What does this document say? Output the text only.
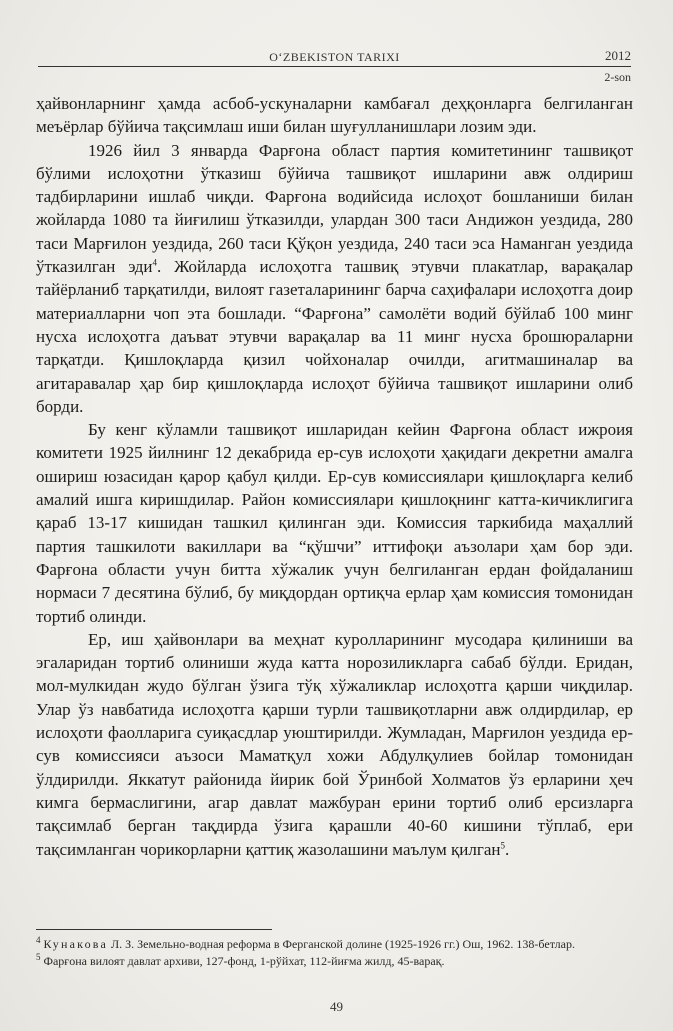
O‘ZBEKISTON TARIXI	2012
2-son

ҳайвонларнинг ҳамда асбоб-ускуналарни камбағал деҳқонларга белгиланган меъёрлар бўйича тақсимлаш иши билан шуғулланишлари лозим эди.

1926 йил 3 январда Фарғона област партия комитетининг ташвиқот бўлими ислоҳотни ўтказиш бўйича ташвиқот ишларини авж олдириш тадбирларини ишлаб чиқди. Фарғона водийсида ислоҳот бошланиши билан жойларда 1080 та йиғилиш ўтказилди, улардан 300 таси Андижон уездида, 280 таси Марғилон уездида, 260 таси Қўқон уездида, 240 таси эса Наманган уездида ўтказилган эди$^4$. Жойларда ислоҳотга ташвиқ этувчи плакатлар, варақалар тайёрланиб тарқатилди, вилоят газеталарининг барча саҳифалари ислоҳотга доир материалларни чоп эта бошлади. “Фарғона” самолёти водий бўйлаб 100 минг нусха ислоҳотга даъват этувчи варақалар ва 11 минг нусха брошюраларни тарқатди. Қишлоқларда қизил чойхоналар очилди, агитмашиналар ва агитаравалар ҳар бир қишлоқларда ислоҳот бўйича ташвиқот ишларини олиб борди.

Бу кенг кўламли ташвиқот ишларидан кейин Фарғона област ижроия комитети 1925 йилнинг 12 декабрида ер-сув ислоҳоти ҳақидаги декретни амалга ошириш юзасидан қарор қабул қилди. Ер-сув комиссиялари қишлоқларга келиб амалий ишга киришдилар. Район комиссиялари қишлоқнинг катта-кичиклигига қараб 13-17 кишидан ташкил қилинган эди. Комиссия таркибида маҳаллий партия ташкилоти вакиллари ва “қўшчи” иттифоқи аъзолари ҳам бор эди. Фарғона области учун битта хўжалик учун белгиланган ердан фойдаланиш нормаси 7 десятина бўлиб, бу миқдордан ортиқча ерлар ҳам комиссия томонидан тортиб олинди.

Ер, иш ҳайвонлари ва меҳнат куролларининг мусодара қилиниши ва эгаларидан тортиб олиниши жуда катта норозиликларга сабаб бўлди. Еридан, мол-мулкидан жудо бўлган ўзига тўқ хўжаликлар ислоҳотга қарши чиқдилар. Улар ўз навбатида ислоҳотга қарши турли ташвиқотларни авж олдирдилар, ер ислоҳоти фаолларига суиқасдлар уюштирилди. Жумладан, Марғилон уездида ер-сув комиссияси аъзоси Маматқул хожи Абдулқулиев бойлар томонидан ўлдирилди. Яккатут районида йирик бой Ўринбой Холматов ўз ерларини ҳеч кимга бермаслигини, агар давлат мажбуран ерини тортиб олиб ерсизларга тақсимлаб берган тақдирда ўзига қарашли 40-60 кишини тўплаб, ери тақсимланган чорикорларни қаттиқ жазолашини маълум қилган$^5$.

$^4$ Кунакова Л. З. Земельно-водная реформа в Ферганской долине (1925-1926 гг.) Ош, 1962. 138-бетлар.

$^5$ Фарғона вилоят давлат архиви, 127-фонд, 1-рўйхат, 112-йиғма жилд, 45-варақ.

49
